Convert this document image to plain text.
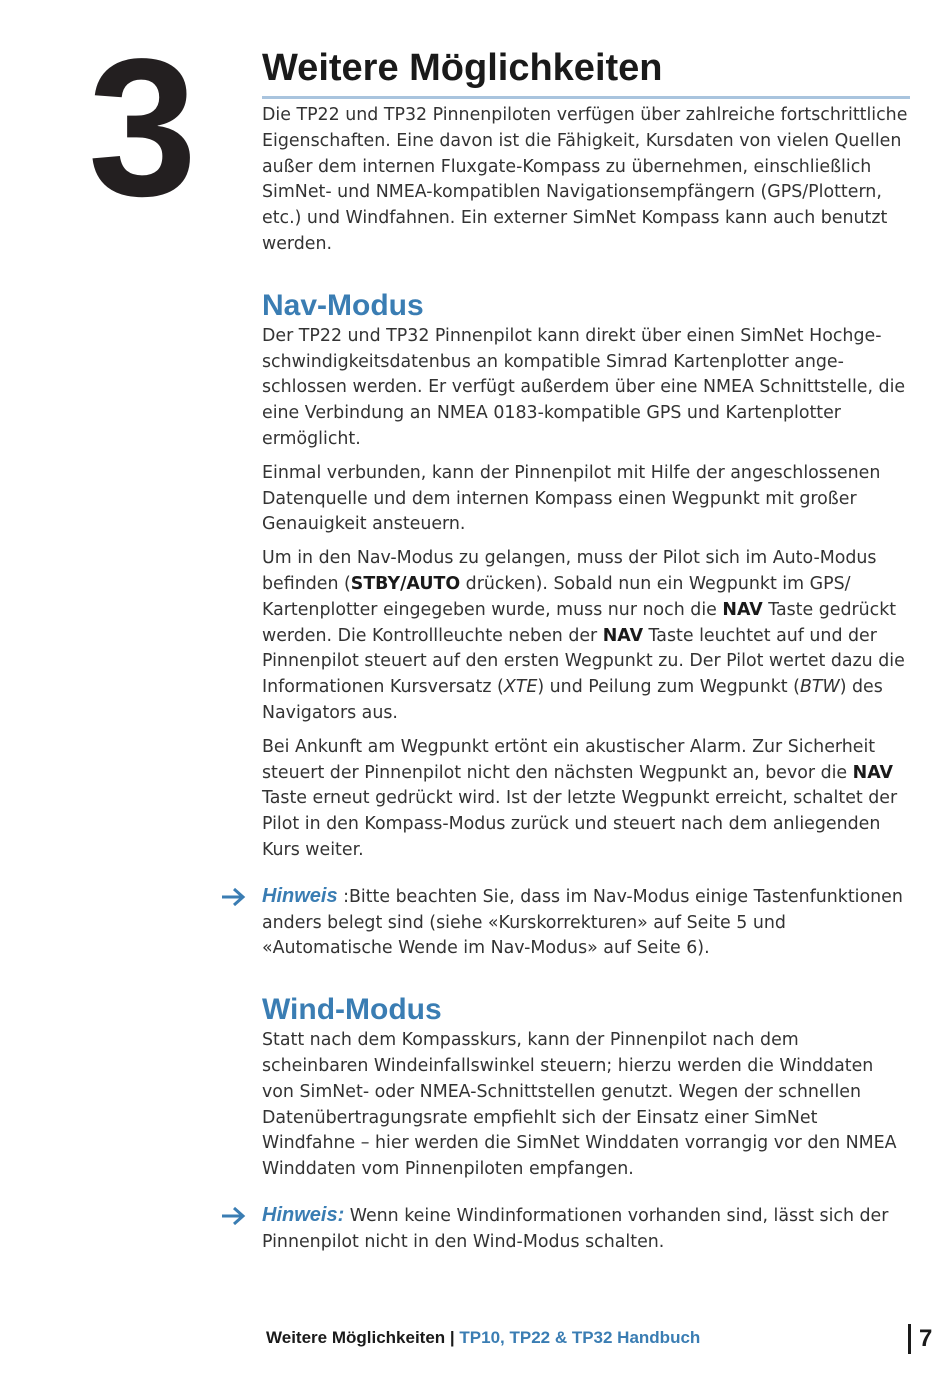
3 Weitere Möglichkeiten

Die TP22 und TP32 Pinnenpiloten verfügen über zahlreiche fortschrittliche Eigenschaften. Eine davon ist die Fähigkeit, Kursdaten von vielen Quellen außer dem internen Fluxgate-Kompass zu übernehmen, einschließlich SimNet- und NMEA-kompatiblen Navigationsempfängern (GPS/Plottern, etc.) und Windfahnen. Ein externer SimNet Kompass kann auch benutzt werden.

Nav-Modus

Der TP22 und TP32 Pinnenpilot kann direkt über einen SimNet Hochgeschwindigkeitsdatenbus an kompatible Simrad Kartenplotter angeschlossen werden. Er verfügt außerdem über eine NMEA Schnittstelle, die eine Verbindung an NMEA 0183-kompatible GPS und Kartenplotter ermöglicht.

Einmal verbunden, kann der Pinnenpilot mit Hilfe der angeschlossenen Datenquelle und dem internen Kompass einen Wegpunkt mit großer Genauigkeit ansteuern.

Um in den Nav-Modus zu gelangen, muss der Pilot sich im Auto-Modus befinden (STBY/AUTO drücken). Sobald nun ein Wegpunkt im GPS/ Kartenplotter eingegeben wurde, muss nur noch die NAV Taste gedrückt werden. Die Kontrollleuchte neben der NAV Taste leuchtet auf und der Pinnenpilot steuert auf den ersten Wegpunkt zu. Der Pilot wertet dazu die Informationen Kursversatz (XTE) und Peilung zum Wegpunkt (BTW) des Navigators aus.

Bei Ankunft am Wegpunkt ertönt ein akustischer Alarm. Zur Sicherheit steuert der Pinnenpilot nicht den nächsten Wegpunkt an, bevor die NAV Taste erneut gedrückt wird. Ist der letzte Wegpunkt erreicht, schaltet der Pilot in den Kompass-Modus zurück und steuert nach dem anliegenden Kurs weiter.

Hinweis :Bitte beachten Sie, dass im Nav-Modus einige Tastenfunktionen anders belegt sind (siehe «Kurskorrekturen» auf Seite 5 und «Automatische Wende im Nav-Modus» auf Seite 6).

Wind-Modus

Statt nach dem Kompasskurs, kann der Pinnenpilot nach dem scheinbaren Windeinfallswinkel steuern; hierzu werden die Winddaten von SimNet- oder NMEA-Schnittstellen genutzt. Wegen der schnellen Datenübertragungsrate empfiehlt sich der Einsatz einer SimNet Windfahne – hier werden die SimNet Winddaten vorrangig vor den NMEA Winddaten vom Pinnenpiloten empfangen.

Hinweis: Wenn keine Windinformationen vorhanden sind, lässt sich der Pinnenpilot nicht in den Wind-Modus schalten.

Weitere Möglichkeiten | TP10, TP22 & TP32 Handbuch	7
